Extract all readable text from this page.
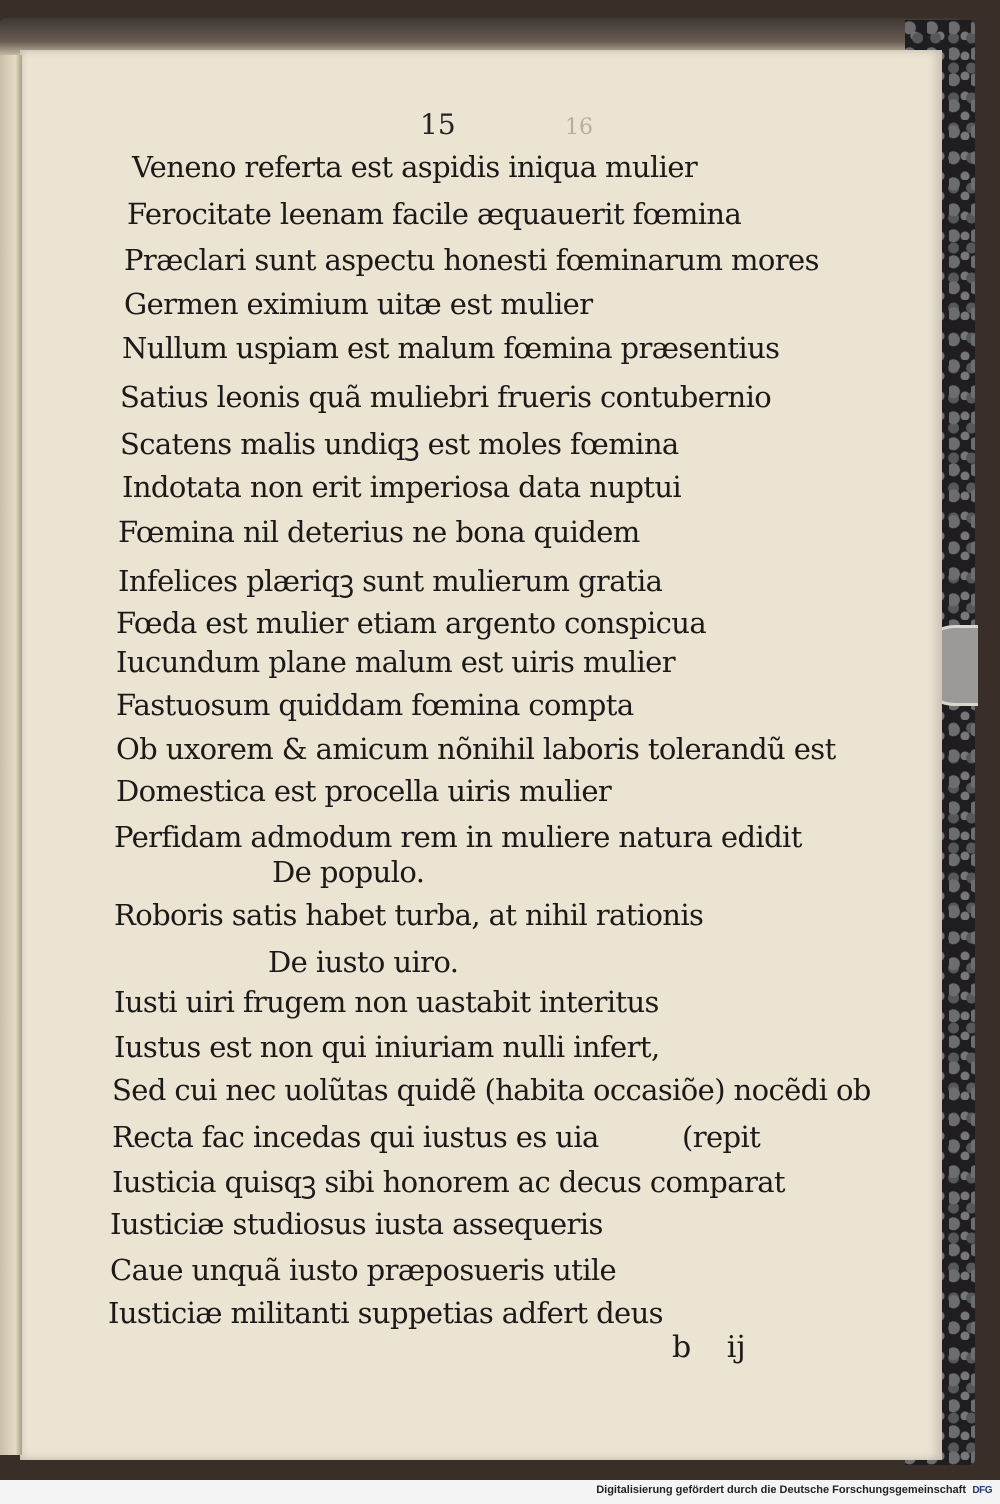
16
15
Veneno referta est aspidis iniqua mulier
Ferocitate leenam facile æquauerit fœmina
Præclari sunt aspectu honesti fœminarum mores
Germen eximium uitæ est mulier
Nullum uspiam est malum fœmina præsentius
Satius leonis quã muliebri frueris contubernio
Scatens malis undiqꝫ est moles fœmina
Indotata non erit imperiosa data nuptui
Fœmina nil deterius ne bona quidem
Infelices plæriqꝫ sunt mulierum gratia
Fœda est mulier etiam argento conspicua
Iucundum plane malum est uiris mulier
Fastuosum quiddam fœmina compta
Ob uxorem & amicum nõnihil laboris tolerandũ est
Domestica est procella uiris mulier
Perfidam admodum rem in muliere natura edidit
De populo.
Roboris satis habet turba, at nihil rationis
De iusto uiro.
Iusti uiri frugem non uastabit interitus
Iustus est non qui iniuriam nulli infert,
Sed cui nec uolũtas quidẽ (habita occasiõe) nocẽdi ob
Recta fac incedas qui iustus es uia	(repit
Iusticia quisqꝫ sibi honorem ac decus comparat
Iusticiæ studiosus iusta assequeris
Caue unquã iusto præposueris utile
Iusticiæ militanti suppetias adfert deus
b ij
Digitalisierung gefördert durch die Deutsche Forschungsgemeinschaft DFG
